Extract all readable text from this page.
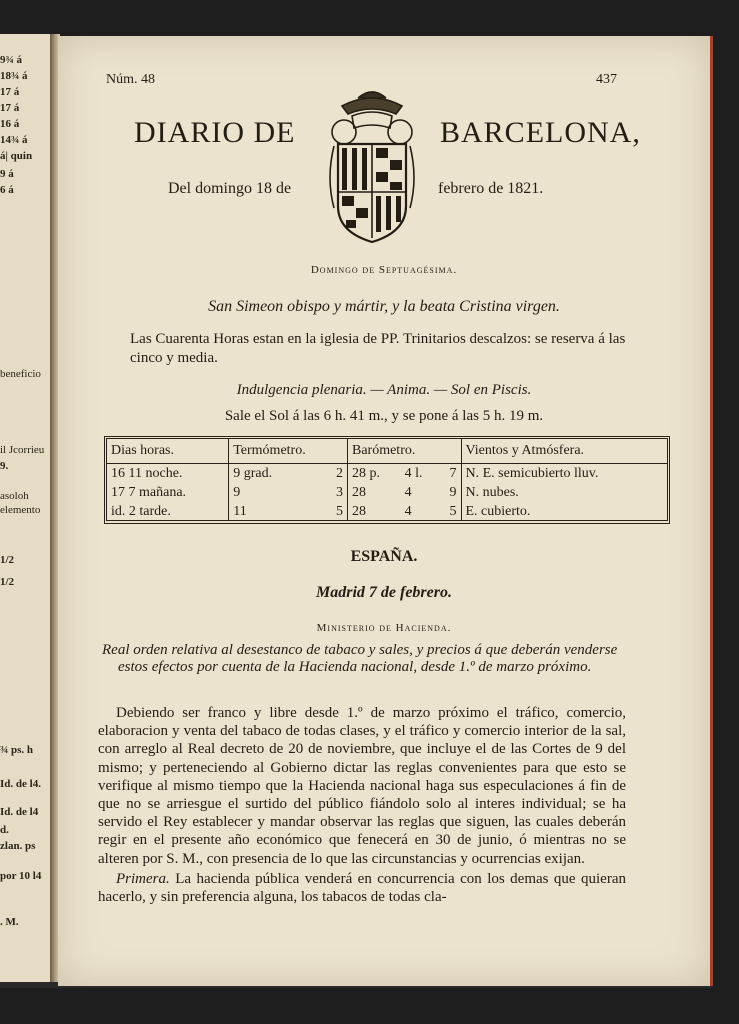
9¾ á
18¾ á
17 á
17 á
16 á
14¾ á
á| quin
9 á
6 á
beneficio
il Jcorrieu
9.
asoloh
elemento
1/2
1/2
¾ ps. h
Id. de l4.
Id. de l4
d.
zlan. ps
por 10 l4
. M.
Núm. 48	437
DIARIO DE	BARCELONA,
Del domingo 18 de	febrero de 1821.
Domingo de Septuagésima.
San Simeon obispo y mártir, y la beata Cristina virgen.
Las Cuarenta Horas estan en la iglesia de PP. Trinitarios descalzos: se reserva á las cinco y media.
Indulgencia plenaria. — Anima. — Sol en Piscis.
Sale el Sol á las 6 h. 41 m., y se pone á las 5 h. 19 m.
Dias horas.	Termómetro.		Barómetro.			Vientos y Atmósfera.
16 11 noche.	9 grad.	2	28 p.	4 l.	7	N. E. semicubierto lluv.
17 7 mañana.	9	3	28	4	9	N. nubes.
id. 2 tarde.	11	5	28	4	5	E. cubierto.
ESPAÑA.
Madrid 7 de febrero.
Ministerio de Hacienda.

Real orden relativa al desestanco de tabaco y sales, y precios á que deberán venderse estos efectos por cuenta de la Hacienda nacional, desde 1.º de marzo próximo.

Debiendo ser franco y libre desde 1.º de marzo próximo el tráfico, comercio, elaboracion y venta del tabaco de todas clases, y el tráfico y comercio interior de la sal, con arreglo al Real decreto de 20 de noviembre, que incluye el de las Cortes de 9 del mismo; y perteneciendo al Gobierno dictar las reglas convenientes para que esto se verifique al mismo tiempo que la Hacienda nacional haga sus especulaciones á fin de que no se arriesgue el surtido del público fiándolo solo al interes individual; se ha servido el Rey establecer y mandar observar las reglas que siguen, las cuales deberán regir en el presente año económico que fenecerá en 30 de junio, ó mientras no se alteren por S. M., con presencia de lo que las circunstancias y ocurrencias exijan.

Primera. La hacienda pública venderá en concurrencia con los demas que quieran hacerlo, y sin preferencia alguna, los tabacos de todas cla-
